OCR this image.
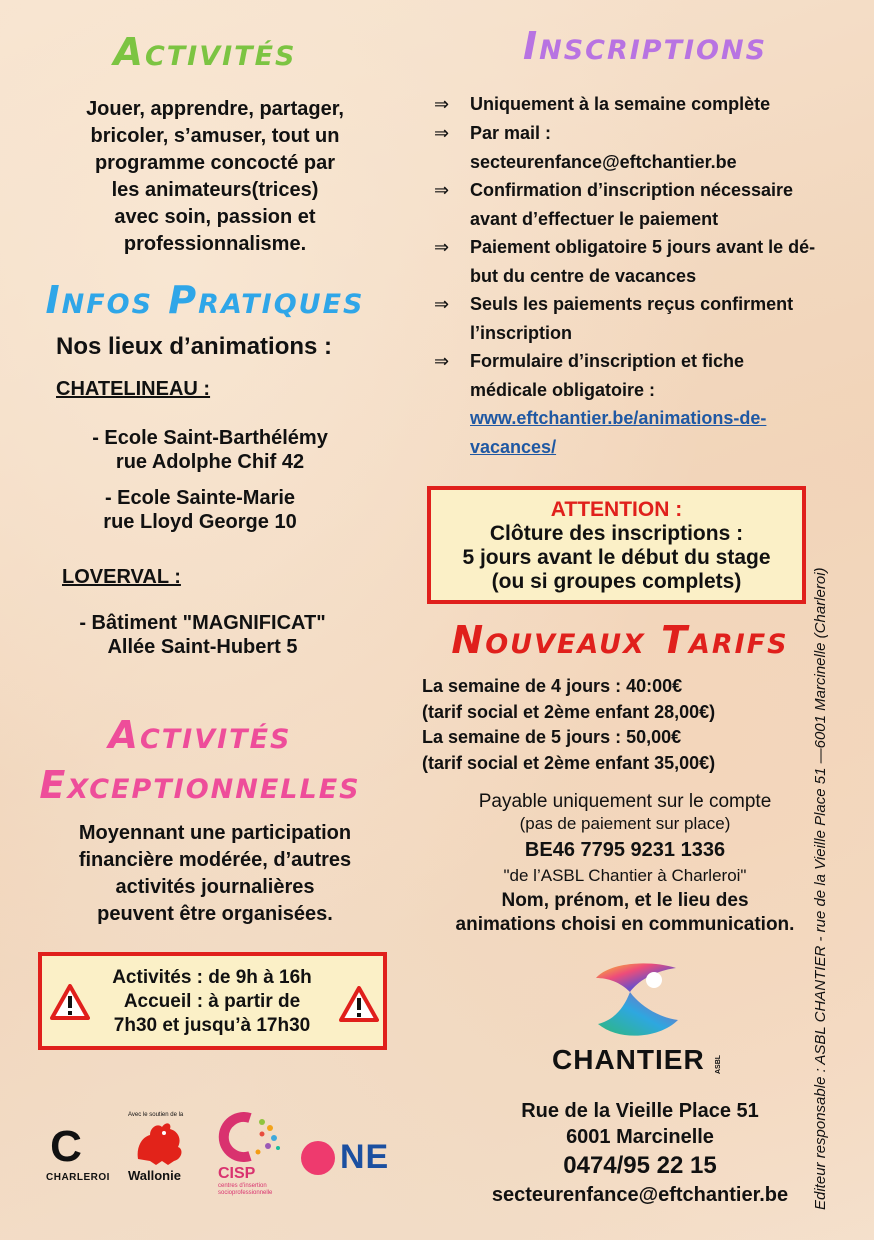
Activités
Jouer, apprendre, partager,
bricoler, s’amuser, tout un
programme concocté par
les animateurs(trices)
avec soin, passion et
professionnalisme.
Infos Pratiques
Nos lieux d’animations :
CHATELINEAU :
- Ecole Saint-Barthélémy
rue Adolphe Chif 42
- Ecole Sainte-Marie
rue Lloyd George 10
LOVERVAL :
- Bâtiment "MAGNIFICAT"
Allée Saint-Hubert 5
Activités
Exceptionnelles
Moyennant une participation
financière modérée, d’autres
activités journalières
peuvent être organisées.
Activités : de 9h à 16h
Accueil : à partir de
7h30 et jusqu’à 17h30
C
CHARLEROI
Avec le soutien de la
Wallonie	CISP
centres d’insertion socioprofessionnelle
NE
Inscriptions
⇒ Uniquement à la semaine complète
⇒ Par mail :
secteurenfance@eftchantier.be
⇒ Confirmation d’inscription nécessaire
avant d’effectuer le paiement
⇒ Paiement obligatoire 5 jours avant le dé-
but du centre de vacances
⇒ Seuls les paiements reçus confirment
l’inscription
⇒ Formulaire d’inscription et fiche
médicale obligatoire :
www.eftchantier.be/animations-de-
vacances/
ATTENTION :
Clôture des inscriptions :
5 jours avant le début du stage
(ou si groupes complets)
Nouveaux Tarifs
La semaine de 4 jours : 40:00€
(tarif social et 2ème enfant 28,00€)
La semaine de 5 jours : 50,00€
(tarif social et 2ème enfant 35,00€)
Payable uniquement sur le compte
(pas de paiement sur place)
BE46 7795 9231 1336
"de l’ASBL Chantier à Charleroi"
Nom, prénom, et le lieu des
animations choisi en communication.
CHANTIER ASBL
Rue de la Vieille Place 51
6001 Marcinelle
0474/95 22 15
secteurenfance@eftchantier.be	Editeur responsable : ASBL CHANTIER - rue de la Vieille Place 51 —6001 Marcinelle (Charleroi)
